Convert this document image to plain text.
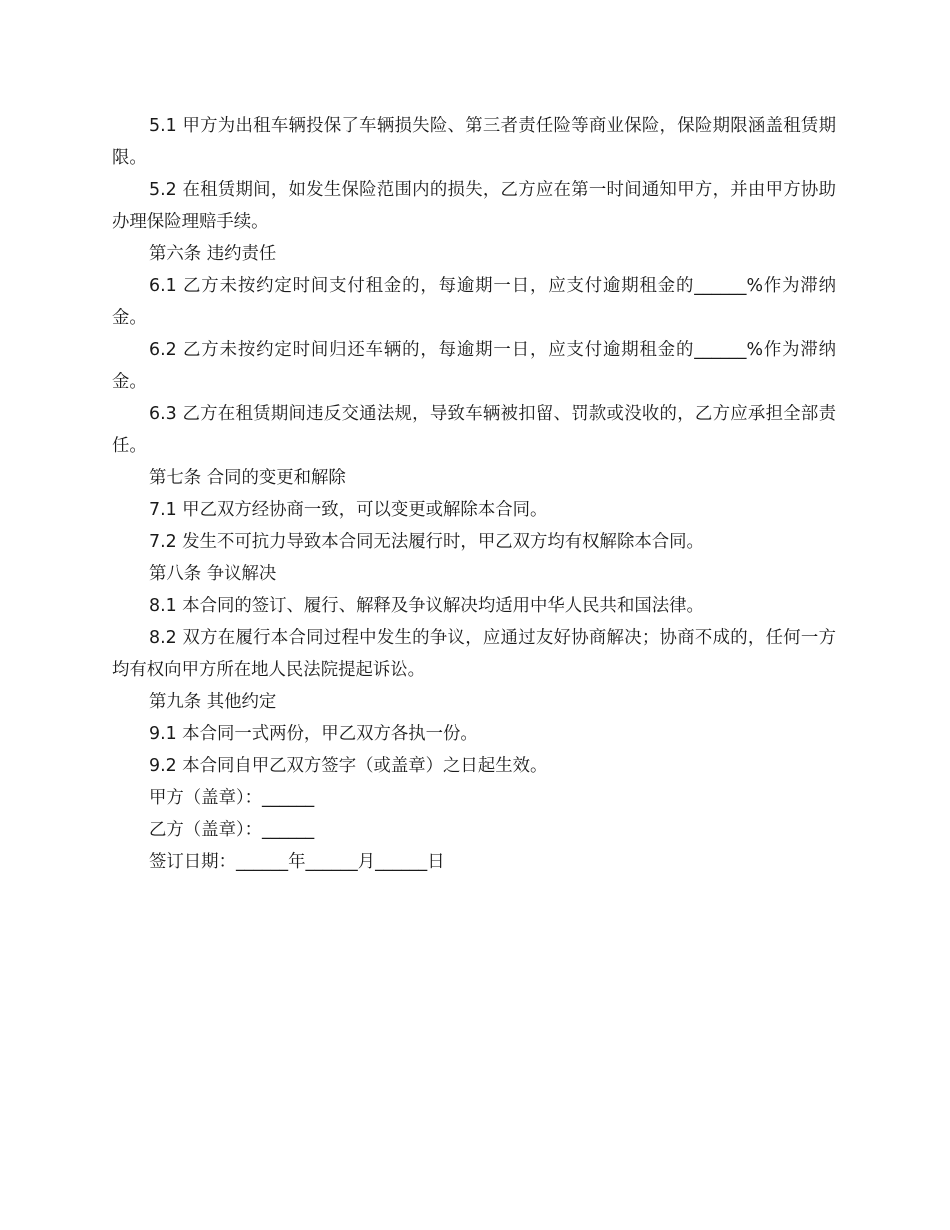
5.1 甲方为出租车辆投保了车辆损失险、第三者责任险等商业保险，保险期限涵盖租赁期限。

5.2 在租赁期间，如发生保险范围内的损失，乙方应在第一时间通知甲方，并由甲方协助办理保险理赔手续。

第六条 违约责任

6.1 乙方未按约定时间支付租金的，每逾期一日，应支付逾期租金的______%作为滞纳金。

6.2 乙方未按约定时间归还车辆的，每逾期一日，应支付逾期租金的______%作为滞纳金。

6.3 乙方在租赁期间违反交通法规，导致车辆被扣留、罚款或没收的，乙方应承担全部责任。

第七条 合同的变更和解除

7.1 甲乙双方经协商一致，可以变更或解除本合同。

7.2 发生不可抗力导致本合同无法履行时，甲乙双方均有权解除本合同。

第八条 争议解决

8.1 本合同的签订、履行、解释及争议解决均适用中华人民共和国法律。

8.2 双方在履行本合同过程中发生的争议，应通过友好协商解决；协商不成的，任何一方均有权向甲方所在地人民法院提起诉讼。

第九条 其他约定

9.1 本合同一式两份，甲乙双方各执一份。

9.2 本合同自甲乙双方签字（或盖章）之日起生效。

甲方（盖章）：______

乙方（盖章）：______

签订日期：______年______月______日
